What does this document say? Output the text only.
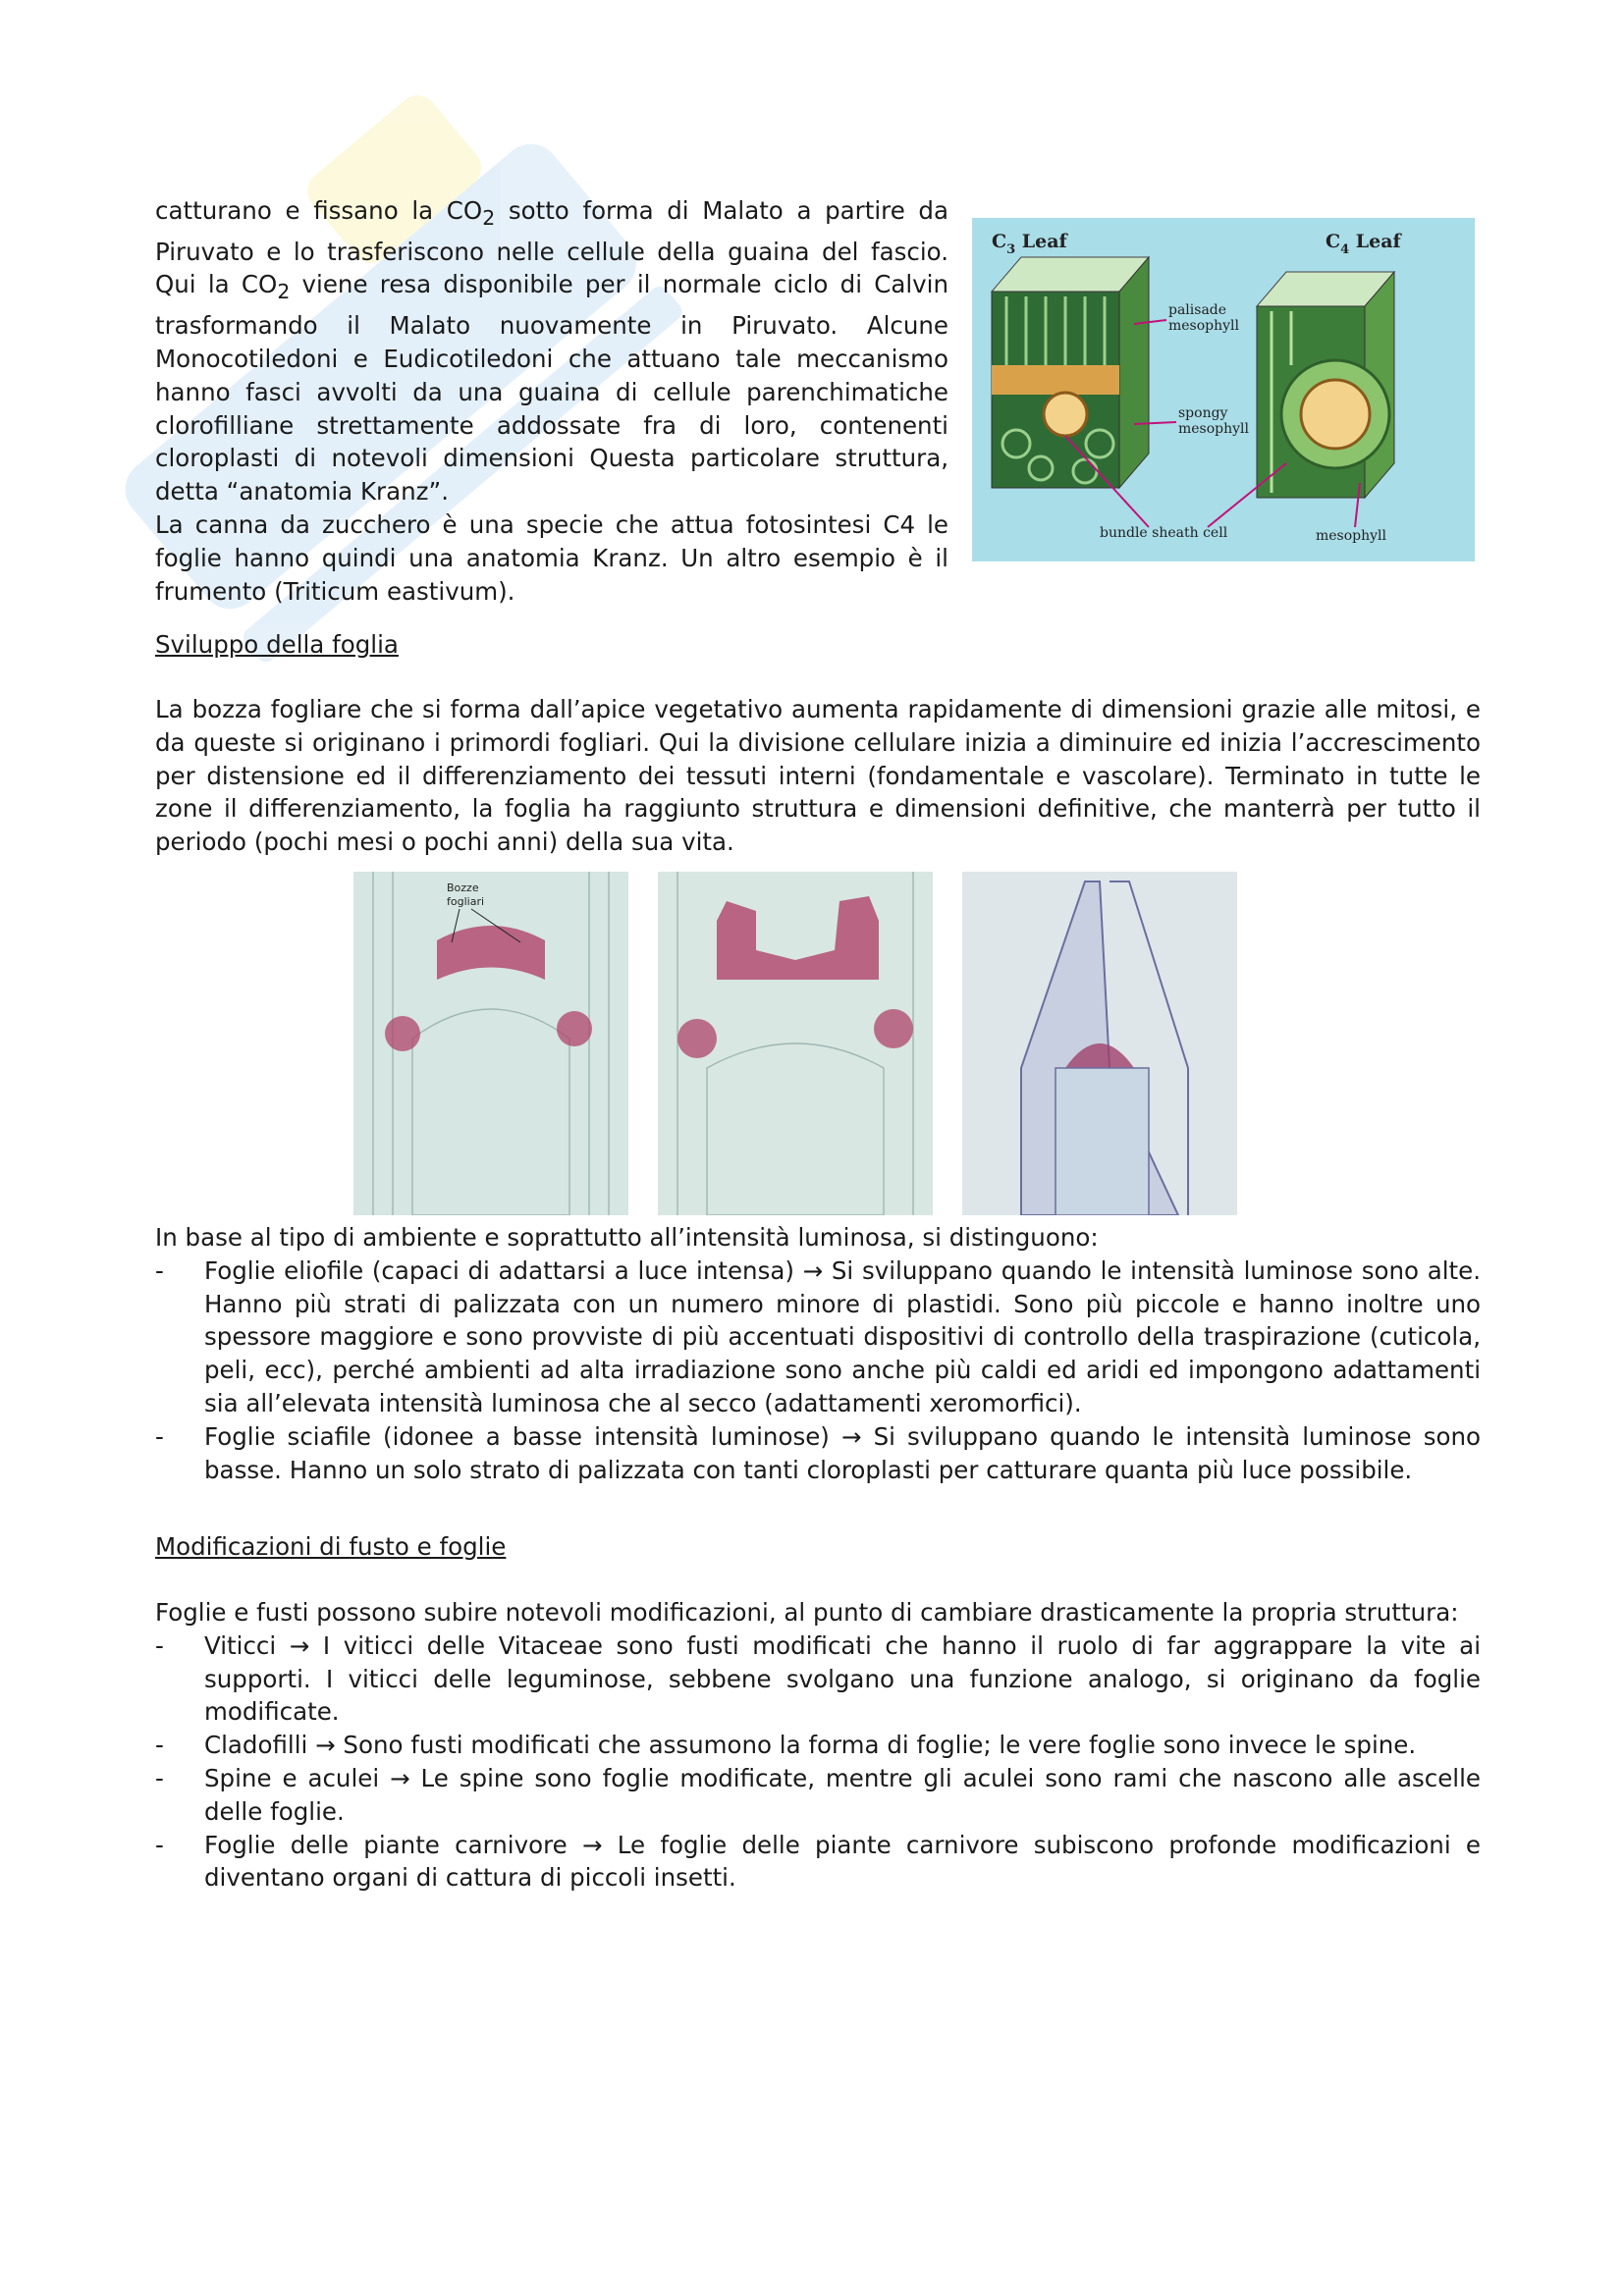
catturano e fissano la $CO_2$ sotto forma di Malato a partire da Piruvato e lo trasferiscono nelle cellule della guaina del fascio. Qui la $CO_2$ viene resa disponibile per il normale ciclo di Calvin trasformando il Malato nuovamente in Piruvato. Alcune Monocotiledoni e Eudicotiledoni che attuano tale meccanismo hanno fasci avvolti da una guaina di cellule parenchimatiche clorofilliane strettamente addossate fra di loro, contenenti cloroplasti di notevoli dimensioni Questa particolare struttura, detta “anatomia Kranz”.

La canna da zucchero è una specie che attua fotosintesi C4 le foglie hanno quindi una anatomia Kranz. Un altro esempio è il frumento (Triticum eastivum).

$C_3$ Leaf	$C_4$ Leaf
palisade
mesophyll
spongy
mesophyll
bundle sheath cell	mesophyll

Sviluppo della foglia

La bozza fogliare che si forma dall’apice vegetativo aumenta rapidamente di dimensioni grazie alle mitosi, e da queste si originano i primordi fogliari. Qui la divisione cellulare inizia a diminuire ed inizia l’accrescimento per distensione ed il differenziamento dei tessuti interni (fondamentale e vascolare). Terminato in tutte le zone il differenziamento, la foglia ha raggiunto struttura e dimensioni definitive, che manterrà per tutto il periodo (pochi mesi o pochi anni) della sua vita.

Bozze
fogliari

In base al tipo di ambiente e soprattutto all’intensità luminosa, si distinguono:

- Foglie eliofile (capaci di adattarsi a luce intensa) → Si sviluppano quando le intensità luminose sono alte. Hanno più strati di palizzata con un numero minore di plastidi. Sono più piccole e hanno inoltre uno spessore maggiore e sono provviste di più accentuati dispositivi di controllo della traspirazione (cuticola, peli, ecc), perché ambienti ad alta irradiazione sono anche più caldi ed aridi ed impongono adattamenti sia all’elevata intensità luminosa che al secco (adattamenti xeromorfici).
- Foglie sciafile (idonee a basse intensità luminose) → Si sviluppano quando le intensità luminose sono basse. Hanno un solo strato di palizzata con tanti cloroplasti per catturare quanta più luce possibile.

Modificazioni di fusto e foglie

Foglie e fusti possono subire notevoli modificazioni, al punto di cambiare drasticamente la propria struttura:

- Viticci → I viticci delle Vitaceae sono fusti modificati che hanno il ruolo di far aggrappare la vite ai supporti. I viticci delle leguminose, sebbene svolgano una funzione analogo, si originano da foglie modificate.
- Cladofilli → Sono fusti modificati che assumono la forma di foglie; le vere foglie sono invece le spine.
- Spine e aculei → Le spine sono foglie modificate, mentre gli aculei sono rami che nascono alle ascelle delle foglie.
- Foglie delle piante carnivore → Le foglie delle piante carnivore subiscono profonde modificazioni e diventano organi di cattura di piccoli insetti.
